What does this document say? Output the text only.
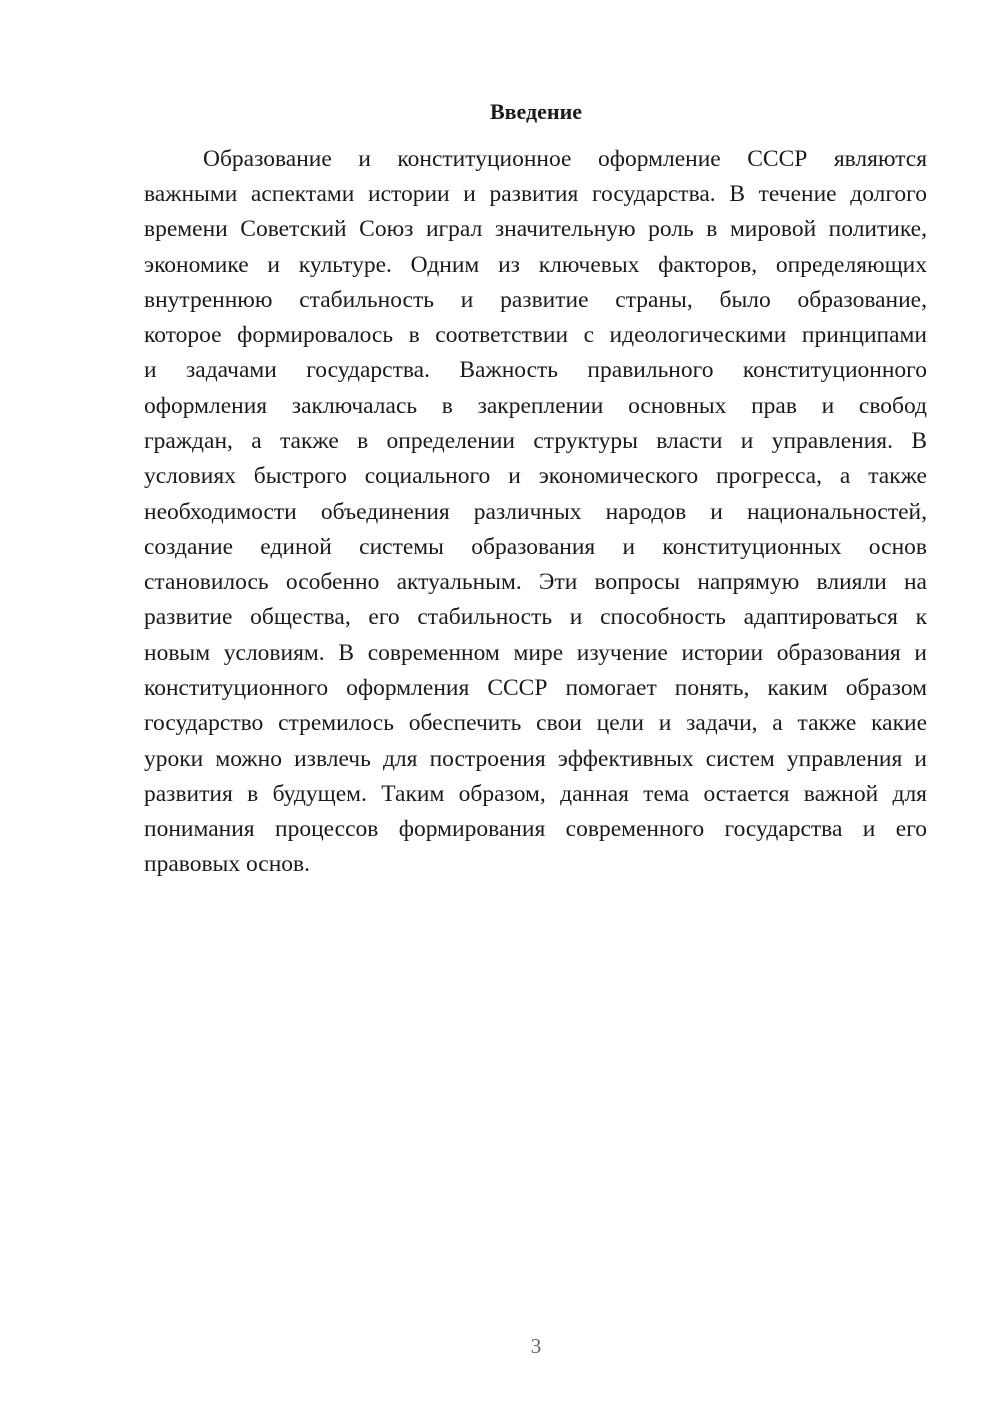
Введение
Образование и конституционное оформление СССР являются
важными аспектами истории и развития государства. В течение долгого
времени Советский Союз играл значительную роль в мировой политике,
экономике и культуре. Одним из ключевых факторов, определяющих
внутреннюю стабильность и развитие страны, было образование,
которое формировалось в соответствии с идеологическими принципами
и задачами государства. Важность правильного конституционного
оформления заключалась в закреплении основных прав и свобод
граждан, а также в определении структуры власти и управления. В
условиях быстрого социального и экономического прогресса, а также
необходимости объединения различных народов и национальностей,
создание единой системы образования и конституционных основ
становилось особенно актуальным. Эти вопросы напрямую влияли на
развитие общества, его стабильность и способность адаптироваться к
новым условиям. В современном мире изучение истории образования и
конституционного оформления СССР помогает понять, каким образом
государство стремилось обеспечить свои цели и задачи, а также какие
уроки можно извлечь для построения эффективных систем управления и
развития в будущем. Таким образом, данная тема остается важной для
понимания процессов формирования современного государства и его
правовых основ.
3
